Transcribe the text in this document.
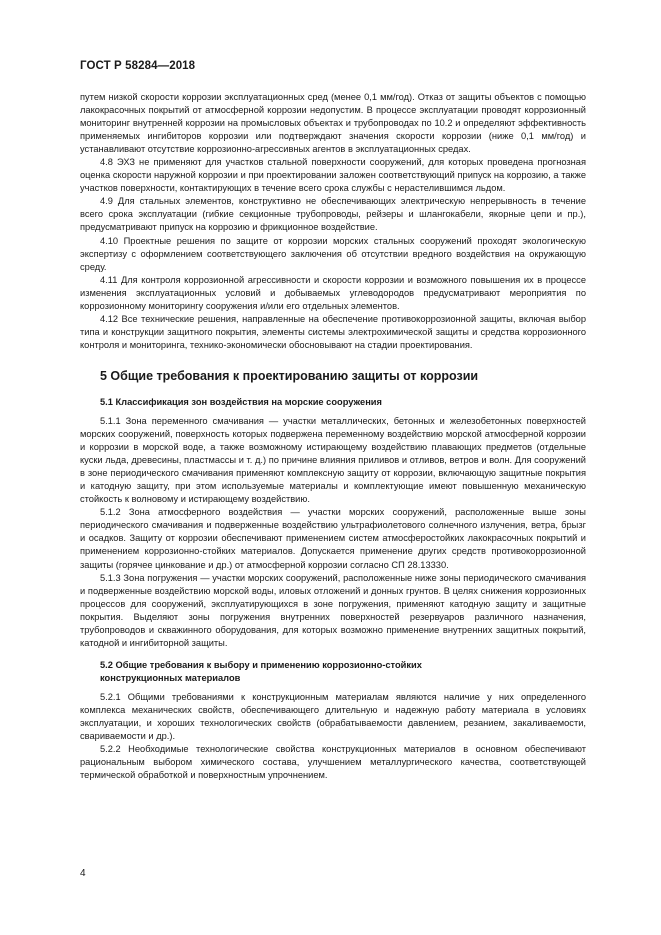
ГОСТ Р 58284—2018

путем низкой скорости коррозии эксплуатационных сред (менее 0,1 мм/год). Отказ от защиты объектов с помощью лакокрасочных покрытий от атмосферной коррозии недопустим. В процессе эксплуатации проводят коррозионный мониторинг внутренней коррозии на промысловых объектах и трубопроводах по 10.2 и определяют эффективность применяемых ингибиторов коррозии или подтверждают значения скорости коррозии (ниже 0,1 мм/год) и устанавливают отсутствие коррозионно-агрессивных агентов в эксплуатационных средах.

4.8 ЭХЗ не применяют для участков стальной поверхности сооружений, для которых проведена прогнозная оценка скорости наружной коррозии и при проектировании заложен соответствующий припуск на коррозию, а также участков поверхности, контактирующих в течение всего срока службы с нерастелившимся льдом.

4.9 Для стальных элементов, конструктивно не обеспечивающих электрическую непрерывность в течение всего срока эксплуатации (гибкие секционные трубопроводы, рейзеры и шлангокабели, якорные цепи и пр.), предусматривают припуск на коррозию и фрикционное воздействие.

4.10 Проектные решения по защите от коррозии морских стальных сооружений проходят экологическую экспертизу с оформлением соответствующего заключения об отсутствии вредного воздействия на окружающую среду.

4.11 Для контроля коррозионной агрессивности и скорости коррозии и возможного повышения их в процессе изменения эксплуатационных условий и добываемых углеводородов предусматривают мероприятия по коррозионному мониторингу сооружения и/или его отдельных элементов.

4.12 Все технические решения, направленные на обеспечение противокоррозионной защиты, включая выбор типа и конструкции защитного покрытия, элементы системы электрохимической защиты и средства коррозионного контроля и мониторинга, технико-экономически обосновывают на стадии проектирования.

5 Общие требования к проектированию защиты от коррозии
5.1 Классификация зон воздействия на морские сооружения

5.1.1 Зона переменного смачивания — участки металлических, бетонных и железобетонных поверхностей морских сооружений, поверхность которых подвержена переменному воздействию морской атмосферной коррозии и коррозии в морской воде, а также возможному истирающему воздействию плавающих предметов (отдельные куски льда, древесины, пластмассы и т. д.) по причине влияния приливов и отливов, ветров и волн. Для сооружений в зоне периодического смачивания применяют комплексную защиту от коррозии, включающую защитные покрытия и катодную защиту, при этом используемые материалы и комплектующие имеют повышенную механическую стойкость к волновому и истирающему воздействию.

5.1.2 Зона атмосферного воздействия — участки морских сооружений, расположенные выше зоны периодического смачивания и подверженные воздействию ультрафиолетового солнечного излучения, ветра, брызг и осадков. Защиту от коррозии обеспечивают применением систем атмосферостойких лакокрасочных покрытий и применением коррозионно-стойких материалов. Допускается применение других средств противокоррозионной защиты (горячее цинкование и др.) от атмосферной коррозии согласно СП 28.13330.

5.1.3 Зона погружения — участки морских сооружений, расположенные ниже зоны периодического смачивания и подверженные воздействию морской воды, иловых отложений и донных грунтов. В целях снижения коррозионных процессов для сооружений, эксплуатирующихся в зоне погружения, применяют катодную защиту и защитные покрытия. Выделяют зоны погружения внутренних поверхностей резервуаров различного назначения, трубопроводов и скважинного оборудования, для которых возможно применение внутренних защитных покрытий, катодной и ингибиторной защиты.

5.2 Общие требования к выбору и применению коррозионно-стойких
конструкционных материалов

5.2.1 Общими требованиями к конструкционным материалам являются наличие у них определенного комплекса механических свойств, обеспечивающего длительную и надежную работу материала в условиях эксплуатации, и хороших технологических свойств (обрабатываемости давлением, резанием, закаливаемости, свариваемости и др.).

5.2.2 Необходимые технологические свойства конструкционных материалов в основном обеспечивают рациональным выбором химического состава, улучшением металлургического качества, соответствующей термической обработкой и поверхностным упрочнением.

4
